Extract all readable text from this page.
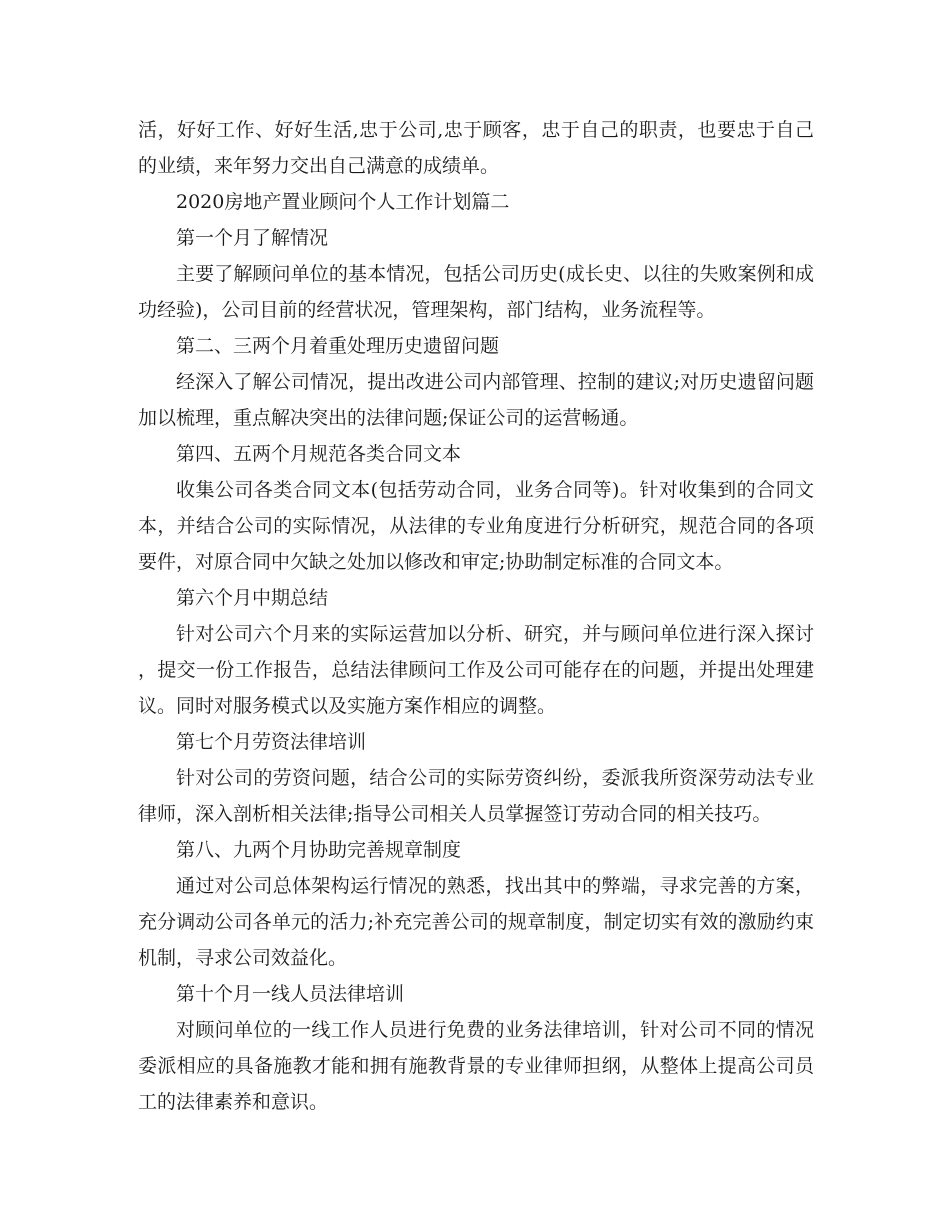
活，好好工作、好好生活,忠于公司,忠于顾客，忠于自己的职责，也要忠于自己的业绩，来年努力交出自己满意的成绩单。

2020房地产置业顾问个人工作计划篇二

第一个月了解情况

主要了解顾问单位的基本情况，包括公司历史(成长史、以往的失败案例和成功经验)，公司目前的经营状况，管理架构，部门结构，业务流程等。

第二、三两个月着重处理历史遗留问题

经深入了解公司情况，提出改进公司内部管理、控制的建议;对历史遗留问题加以梳理，重点解决突出的法律问题;保证公司的运营畅通。

第四、五两个月规范各类合同文本

收集公司各类合同文本(包括劳动合同，业务合同等)。针对收集到的合同文本，并结合公司的实际情况，从法律的专业角度进行分析研究，规范合同的各项要件，对原合同中欠缺之处加以修改和审定;协助制定标准的合同文本。

第六个月中期总结

针对公司六个月来的实际运营加以分析、研究，并与顾问单位进行深入探讨，提交一份工作报告，总结法律顾问工作及公司可能存在的问题，并提出处理建议。同时对服务模式以及实施方案作相应的调整。

第七个月劳资法律培训

针对公司的劳资问题，结合公司的实际劳资纠纷，委派我所资深劳动法专业律师，深入剖析相关法律;指导公司相关人员掌握签订劳动合同的相关技巧。

第八、九两个月协助完善规章制度

通过对公司总体架构运行情况的熟悉，找出其中的弊端，寻求完善的方案，充分调动公司各单元的活力;补充完善公司的规章制度，制定切实有效的激励约束机制，寻求公司效益化。

第十个月一线人员法律培训

对顾问单位的一线工作人员进行免费的业务法律培训，针对公司不同的情况委派相应的具备施教才能和拥有施教背景的专业律师担纲，从整体上提高公司员工的法律素养和意识。
